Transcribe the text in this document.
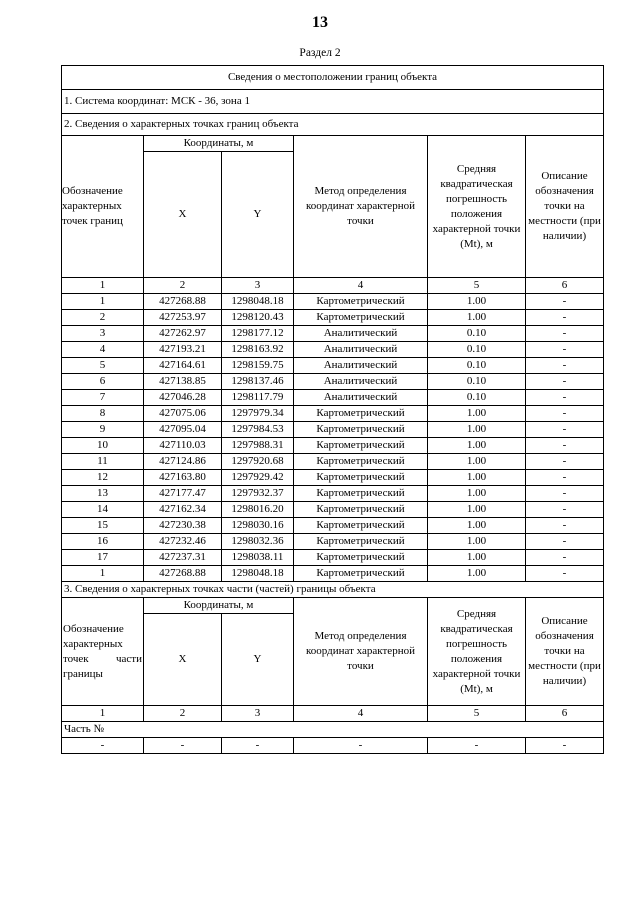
13
Раздел 2
Сведения о местоположении границ объекта					
1. Система координат: МСК - 36, зона 1					
2. Сведения о характерных точках границ объекта					
Обозначение характерных точек границ	Координаты, м		Метод определения координат характерной точки	Средняя квадратическая погрешность положения характерной точки (Mt), м	Описание обозначения точки на местности (при наличии)
	X	Y			
1	2	3	4	5	6
1	427268.88	1298048.18	Картометрический	1.00	-
2	427253.97	1298120.43	Картометрический	1.00	-
3	427262.97	1298177.12	Аналитический	0.10	-
4	427193.21	1298163.92	Аналитический	0.10	-
5	427164.61	1298159.75	Аналитический	0.10	-
6	427138.85	1298137.46	Аналитический	0.10	-
7	427046.28	1298117.79	Аналитический	0.10	-
8	427075.06	1297979.34	Картометрический	1.00	-
9	427095.04	1297984.53	Картометрический	1.00	-
10	427110.03	1297988.31	Картометрический	1.00	-
11	427124.86	1297920.68	Картометрический	1.00	-
12	427163.80	1297929.42	Картометрический	1.00	-
13	427177.47	1297932.37	Картометрический	1.00	-
14	427162.34	1298016.20	Картометрический	1.00	-
15	427230.38	1298030.16	Картометрический	1.00	-
16	427232.46	1298032.36	Картометрический	1.00	-
17	427237.31	1298038.11	Картометрический	1.00	-
1	427268.88	1298048.18	Картометрический	1.00	-
3. Сведения о характерных точках части (частей) границы объекта					
Обозначение характерных точек части границы	Координаты, м		Метод определения координат характерной точки	Средняя квадратическая погрешность положения характерной точки (Mt), м	Описание обозначения точки на местности (при наличии)
	X	Y			
1	2	3	4	5	6
Часть №					
-	-	-	-	-	-
